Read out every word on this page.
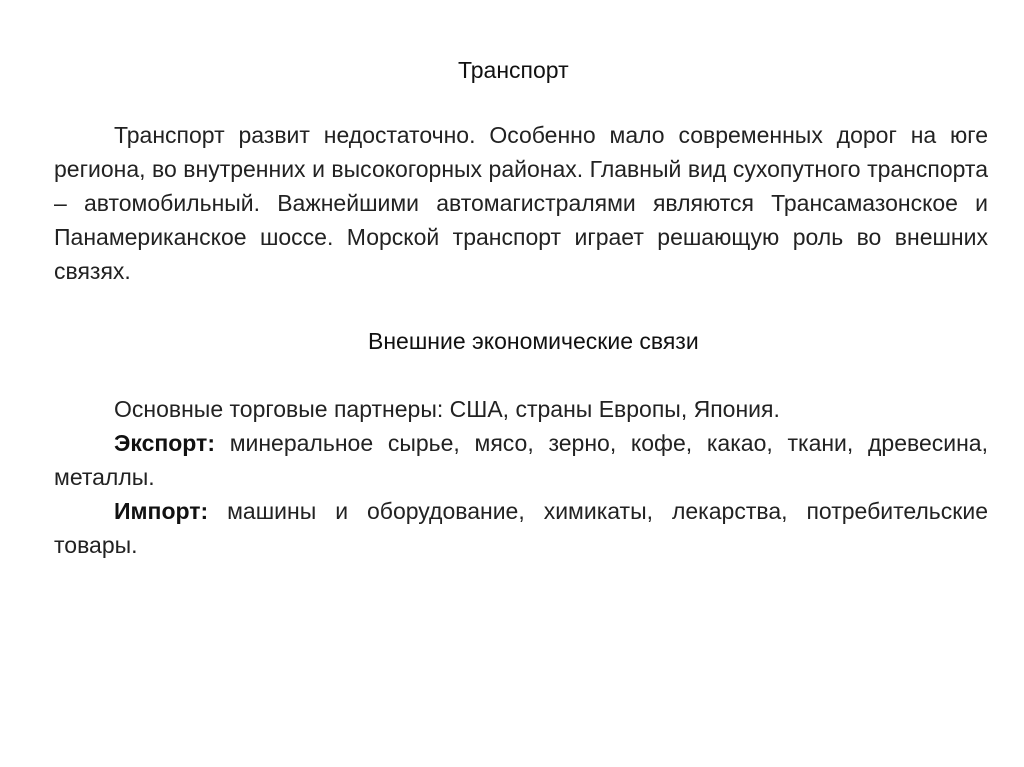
Транспорт

Транспорт развит недостаточно. Особенно мало современных дорог на юге региона, во внутренних и высокогорных районах. Главный вид сухопутного транспорта – автомобильный. Важнейшими автомагистралями являются Трансамазонское и Панамериканское шоссе. Морской транспорт играет решающую роль во внешних связях.

Внешние экономические связи

Основные торговые партнеры: США, страны Европы, Япония.

Экспорт: минеральное сырье, мясо, зерно, кофе, какао, ткани, древесина, металлы.

Импорт: машины и оборудование, химикаты, лекарства, потребительские товары.
